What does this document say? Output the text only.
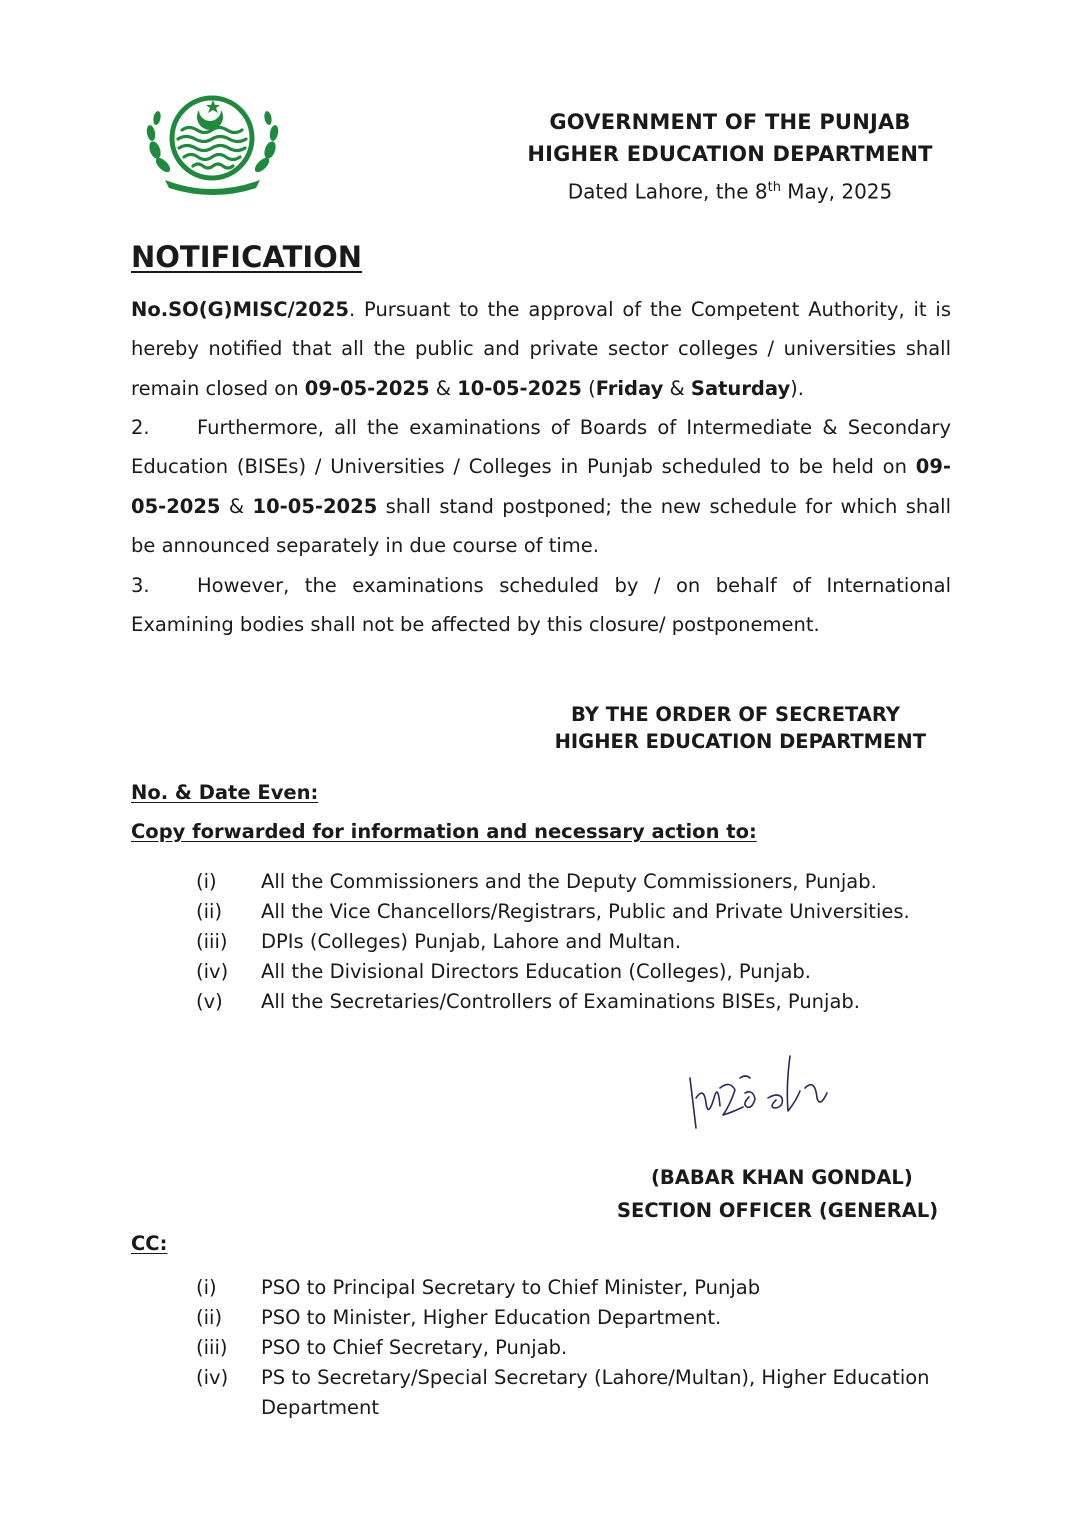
GOVERNMENT OF THE PUNJAB
HIGHER EDUCATION DEPARTMENT
Dated Lahore, the 8th May, 2025
NOTIFICATION

No.SO(G)MISC/2025. Pursuant to the approval of the Competent Authority, it is hereby notified that all the public and private sector colleges / universities shall remain closed on 09-05-2025 & 10-05-2025 (Friday & Saturday).

2. Furthermore, all the examinations of Boards of Intermediate & Secondary Education (BISEs) / Universities / Colleges in Punjab scheduled to be held on 09-05-2025 & 10-05-2025 shall stand postponed; the new schedule for which shall be announced separately in due course of time.

3. However, the examinations scheduled by / on behalf of International Examining bodies shall not be affected by this closure/ postponement.

BY THE ORDER OF SECRETARY
HIGHER EDUCATION DEPARTMENT
No. & Date Even:
Copy forwarded for information and necessary action to:
(i)	All the Commissioners and the Deputy Commissioners, Punjab.
(ii)	All the Vice Chancellors/Registrars, Public and Private Universities.
(iii)	DPIs (Colleges) Punjab, Lahore and Multan.
(iv)	All the Divisional Directors Education (Colleges), Punjab.
(v)	All the Secretaries/Controllers of Examinations BISEs, Punjab.
(BABAR KHAN GONDAL)
SECTION OFFICER (GENERAL)
CC:
(i)	PSO to Principal Secretary to Chief Minister, Punjab
(ii)	PSO to Minister, Higher Education Department.
(iii)	PSO to Chief Secretary, Punjab.
(iv)	PS to Secretary/Special Secretary (Lahore/Multan), Higher Education Department
